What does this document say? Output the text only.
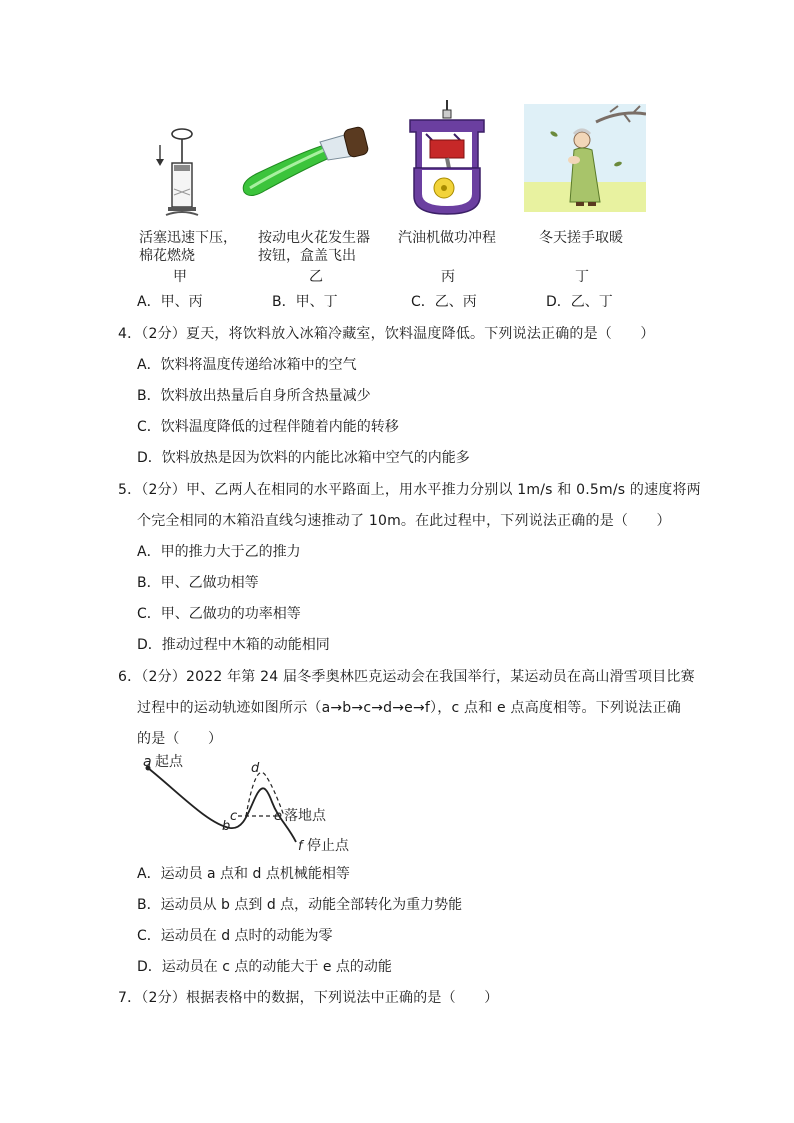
活塞迅速下压，
棉花燃烧
甲
按动电火花发生器
按钮，盒盖飞出
乙
汽油机做功冲程
丙
冬天搓手取暖
丁
A．甲、丙	B．甲、丁	C．乙、丙	D．乙、丁
4．（2分）夏天，将饮料放入冰箱冷藏室，饮料温度降低。下列说法正确的是（　　）
A．饮料将温度传递给冰箱中的空气
B．饮料放出热量后自身所含热量减少
C．饮料温度降低的过程伴随着内能的转移
D．饮料放热是因为饮料的内能比冰箱中空气的内能多
5．（2分）甲、乙两人在相同的水平路面上，用水平推力分别以 1m/s 和 0.5m/s 的速度将两
个完全相同的木箱沿直线匀速推动了 10m。在此过程中，下列说法正确的是（　　）
A．甲的推力大于乙的推力
B．甲、乙做功相等
C．甲、乙做功的功率相等
D．推动过程中木箱的动能相同
6．（2分）2022 年第 24 届冬季奥林匹克运动会在我国举行，某运动员在高山滑雪项目比赛
过程中的运动轨迹如图所示（a→b→c→d→e→f），c 点和 e 点高度相等。下列说法正确
的是（　　）
a 起点
b
c
d
e 落地点
f 停止点
A．运动员 a 点和 d 点机械能相等
B．运动员从 b 点到 d 点，动能全部转化为重力势能
C．运动员在 d 点时的动能为零
D．运动员在 c 点的动能大于 e 点的动能
7．（2分）根据表格中的数据，下列说法中正确的是（　　）
